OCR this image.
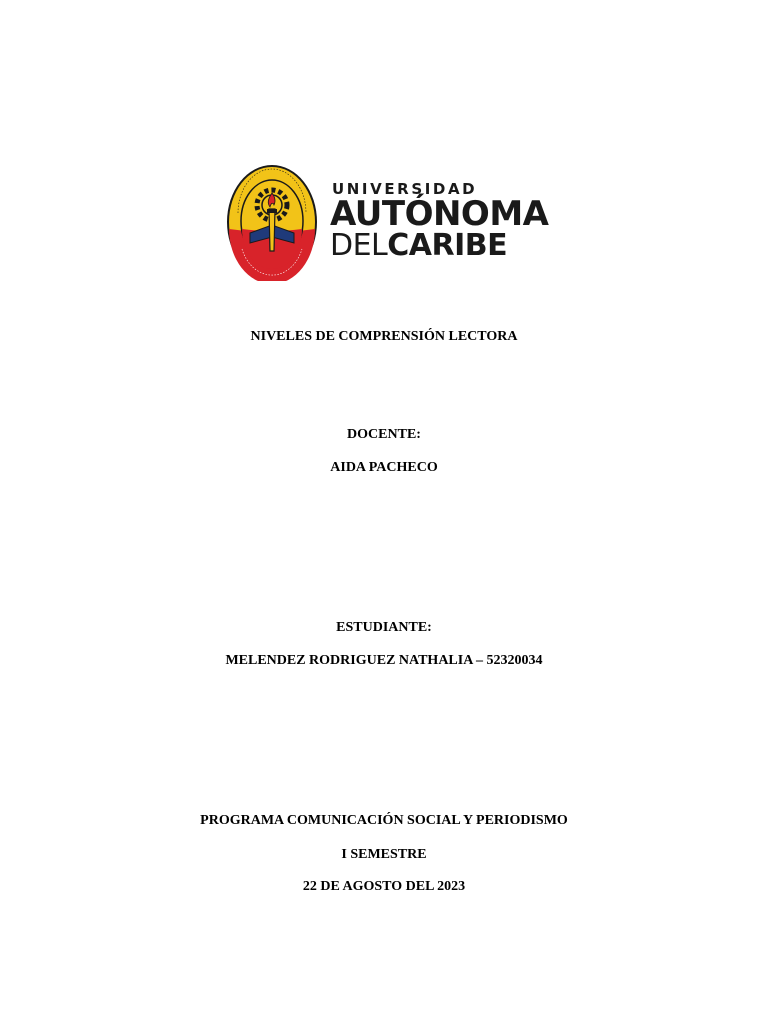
UNIVERSIDAD
AUTÓNOMA
DELCARIBE
NIVELES DE COMPRENSIÓN LECTORA
DOCENTE:
AIDA PACHECO
ESTUDIANTE:
MELENDEZ RODRIGUEZ NATHALIA – 52320034
PROGRAMA COMUNICACIÓN SOCIAL Y PERIODISMO
I SEMESTRE
22 DE AGOSTO DEL 2023
